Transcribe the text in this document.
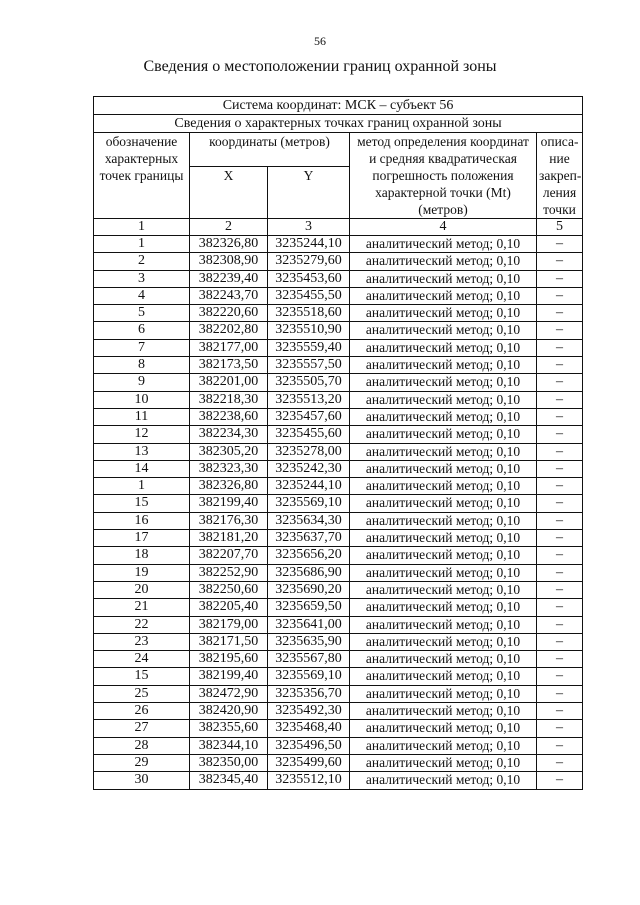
56
Сведения о местоположении границ охранной зоны
Система координат: МСК – субъект 56				
Сведения о характерных точках границ охранной зоны				
обозначение характерных точек границы	координаты (метров)		метод определения координат и средняя квадратическая погрешность положения характерной точки (Mt) (метров)	описа-ние закреп-ления точки
	X	Y		
1	2	3	4	5
1	382326,80	3235244,10	аналитический метод; 0,10	–
2	382308,90	3235279,60	аналитический метод; 0,10	–
3	382239,40	3235453,60	аналитический метод; 0,10	–
4	382243,70	3235455,50	аналитический метод; 0,10	–
5	382220,60	3235518,60	аналитический метод; 0,10	–
6	382202,80	3235510,90	аналитический метод; 0,10	–
7	382177,00	3235559,40	аналитический метод; 0,10	–
8	382173,50	3235557,50	аналитический метод; 0,10	–
9	382201,00	3235505,70	аналитический метод; 0,10	–
10	382218,30	3235513,20	аналитический метод; 0,10	–
11	382238,60	3235457,60	аналитический метод; 0,10	–
12	382234,30	3235455,60	аналитический метод; 0,10	–
13	382305,20	3235278,00	аналитический метод; 0,10	–
14	382323,30	3235242,30	аналитический метод; 0,10	–
1	382326,80	3235244,10	аналитический метод; 0,10	–
15	382199,40	3235569,10	аналитический метод; 0,10	–
16	382176,30	3235634,30	аналитический метод; 0,10	–
17	382181,20	3235637,70	аналитический метод; 0,10	–
18	382207,70	3235656,20	аналитический метод; 0,10	–
19	382252,90	3235686,90	аналитический метод; 0,10	–
20	382250,60	3235690,20	аналитический метод; 0,10	–
21	382205,40	3235659,50	аналитический метод; 0,10	–
22	382179,00	3235641,00	аналитический метод; 0,10	–
23	382171,50	3235635,90	аналитический метод; 0,10	–
24	382195,60	3235567,80	аналитический метод; 0,10	–
15	382199,40	3235569,10	аналитический метод; 0,10	–
25	382472,90	3235356,70	аналитический метод; 0,10	–
26	382420,90	3235492,30	аналитический метод; 0,10	–
27	382355,60	3235468,40	аналитический метод; 0,10	–
28	382344,10	3235496,50	аналитический метод; 0,10	–
29	382350,00	3235499,60	аналитический метод; 0,10	–
30	382345,40	3235512,10	аналитический метод; 0,10	–
